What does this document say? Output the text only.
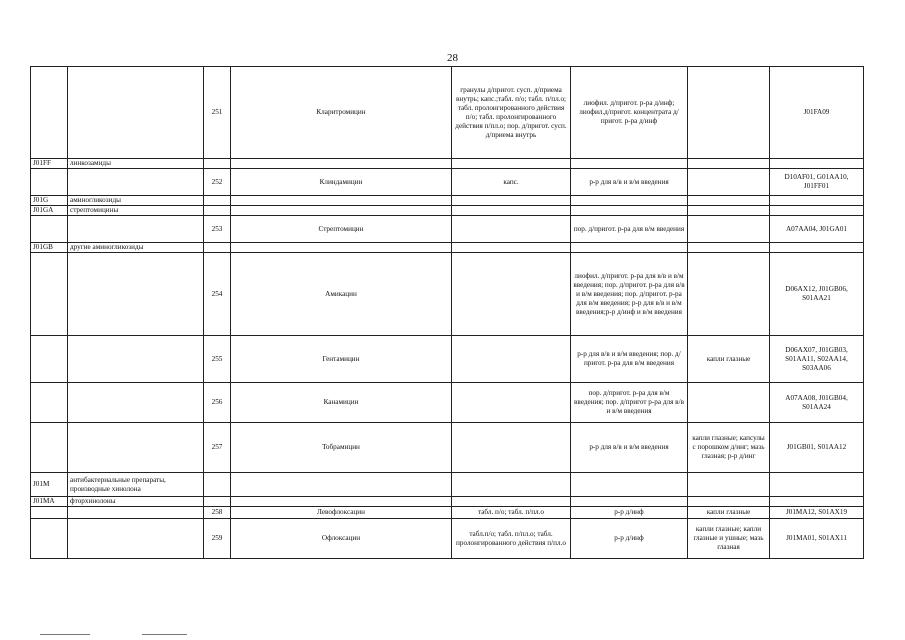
28
		251	Кларитромицин	гранулы д/пригот. сусп. д/приема внутрь; капс.;табл. п/о; табл. п/пл.о; табл. пролонгированного действия п/о; табл. пролонгированного действия п/пл.о; пор. д/пригот. сусп. д/приема внутрь	лиофил. д/пригот. р-ра д/инф; лиофил.д/пригот. концентрата д/пригот. р-ра д/инф		J01FA09
J01FF	линкозамиды						
		252	Клиндамицин	капс.	р-р для в/в и в/м введения		D10AF01, G01AA10, J01FF01
J01G	аминогликозиды						
J01GA	стрептомицины						
		253	Стрептомицин		пор. д/пригот. р-ра для в/м введения		A07AA04, J01GA01
J01GB	другие аминогликозиды						
		254	Амикацин		лиофил. д/пригот. р-ра для в/в и в/м введения; пор. д/пригот. р-ра для в/в и в/м введения; пор. д/пригот. р-ра для в/м введения; р-р для в/в и в/м введения;р-р д/инф и в/м введения		D06AX12, J01GB06, S01AA21
		255	Гентамицин		р-р для в/в и в/м введения; пор. д/пригот. р-ра для в/м введения	капли глазные	D06AX07, J01GB03, S01AA11, S02AA14, S03AA06
		256	Канамицин		пор. д/пригот. р-ра для в/м введения; пор. д/пригот р-ра для в/в и в/м введения		A07AA08, J01GB04, S01AA24
		257	Тобрамицин		р-р для в/в и в/м введения	капли глазные; капсулы с порошком д/инг; мазь глазная; р-р д/инг	J01GB01, S01AA12
J01M	антибактериальные препараты, производные хинолона						
J01MA	фторхинолоны						
		258	Левофлоксацин	табл. п/о; табл. п/пл.о	р-р д/инф	капли глазные	J01MA12, S01AX19
		259	Офлоксацин	табл.п/о; табл. п/пл.о; табл. пролонгированного действия п/пл.о	р-р д/инф	капли глазные; капли глазные и ушные; мазь глазная	J01MA01, S01AX11
